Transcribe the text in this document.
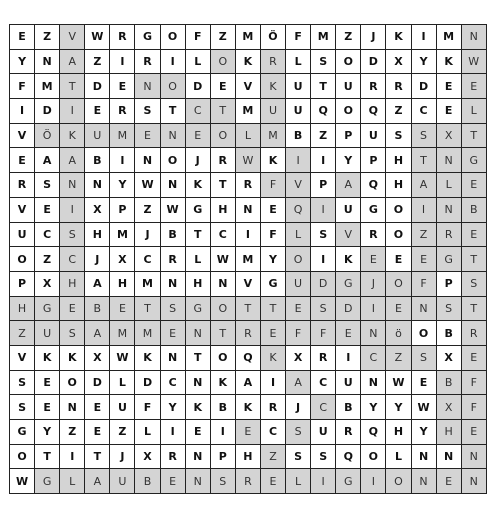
E	Z	V	W	R	G	O	F	Z	M	Ö	F	M	Z	J	K	I	M	N
Y	N	A	Z	I	R	I	L	O	K	R	L	S	O	D	X	Y	K	W
F	M	T	D	E	N	O	D	E	V	K	U	T	U	R	R	D	E	E
I	D	I	E	R	S	T	C	T	M	U	U	Q	O	Q	Z	C	E	L
V	Ö	K	U	M	E	N	E	O	L	M	B	Z	P	U	S	S	X	T
E	A	A	B	I	N	O	J	R	W	K	I	I	Y	P	H	T	N	G
R	S	N	N	Y	W	N	K	T	R	F	V	P	A	Q	H	A	L	E
V	E	I	X	P	Z	W	G	H	N	E	Q	I	U	G	O	I	N	B
U	C	S	H	M	J	B	T	C	I	F	L	S	V	R	O	Z	R	E
O	Z	C	J	X	C	R	L	W	M	Y	O	I	K	E	E	E	G	T
P	X	H	A	H	M	N	H	N	V	G	U	D	G	J	O	F	P	S
H	G	E	B	E	T	S	G	O	T	T	E	S	D	I	E	N	S	T
Z	U	S	A	M	M	E	N	T	R	E	F	F	E	N	ö	O	B	R
V	K	K	X	W	K	N	T	O	Q	K	X	R	I	C	Z	S	X	E
S	E	O	D	L	D	C	N	K	A	I	A	C	U	N	W	E	B	F
S	E	N	E	U	F	Y	K	B	K	R	J	C	B	Y	Y	W	X	F
G	Y	Z	E	Z	L	I	E	I	E	C	S	U	R	Q	H	Y	H	E
O	T	I	T	J	X	R	N	P	H	Z	S	S	Q	O	L	N	N	N
W	G	L	A	U	B	E	N	S	R	E	L	I	G	I	O	N	E	N
